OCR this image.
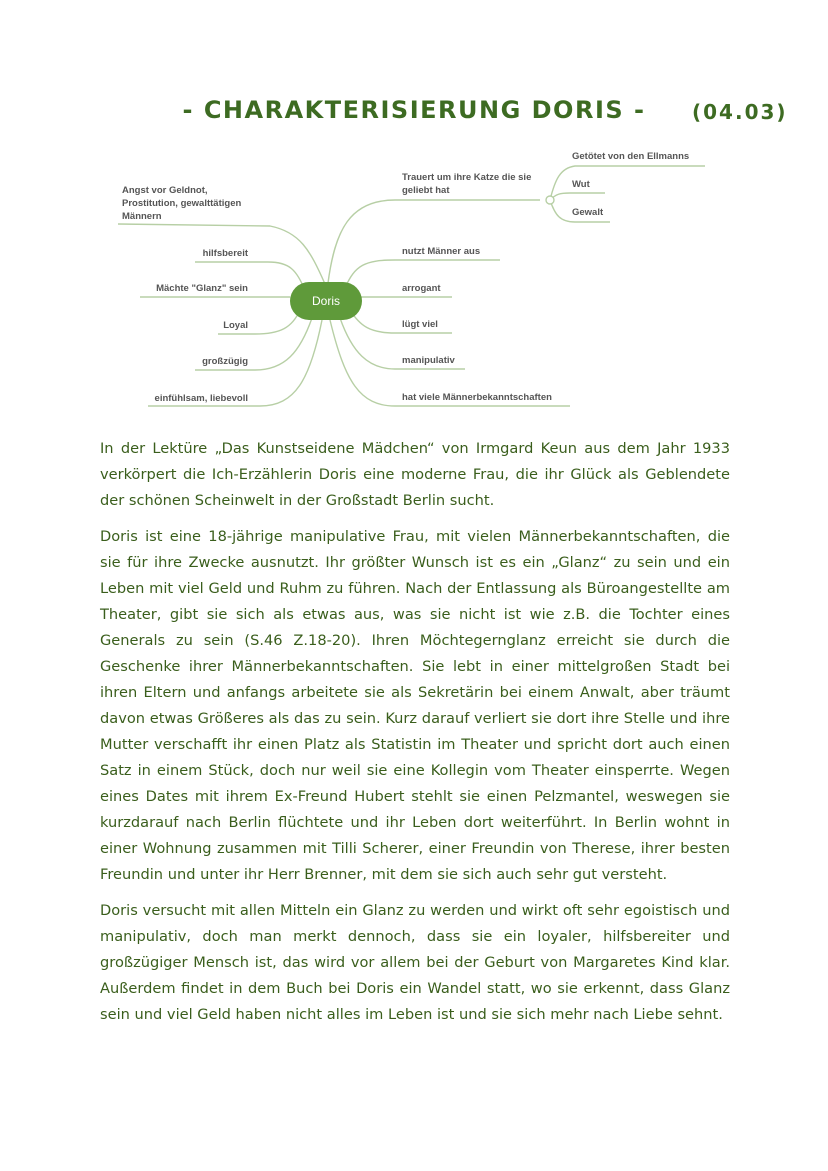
- CHARAKTERISIERUNG DORIS -	(04.03)
Doris
Angst vor Geldnot,
Prostitution, gewalttätigen
Männern
hilfsbereit
Mächte "Glanz" sein
Loyal
großzügig
einfühlsam, liebevoll
Trauert um ihre Katze die sie
geliebt hat
nutzt Männer aus
arrogant
lügt viel
manipulativ
hat viele Männerbekanntschaften
Getötet von den Ellmanns
Wut
Gewalt

In der Lektüre „Das Kunstseidene Mädchen“ von Irmgard Keun aus dem Jahr 1933 verkörpert die Ich-Erzählerin Doris eine moderne Frau, die ihr Glück als Geblendete der schönen Scheinwelt in der Großstadt Berlin sucht.

Doris ist eine 18-jährige manipulative Frau, mit vielen Männerbekanntschaften, die sie für ihre Zwecke ausnutzt. Ihr größter Wunsch ist es ein „Glanz“ zu sein und ein Leben mit viel Geld und Ruhm zu führen. Nach der Entlassung als Büroangestellte am Theater, gibt sie sich als etwas aus, was sie nicht ist wie z.B. die Tochter eines Generals zu sein (S.46 Z.18-20). Ihren Möchtegernglanz erreicht sie durch die Geschenke ihrer Männerbekanntschaften. Sie lebt in einer mittelgroßen Stadt bei ihren Eltern und anfangs arbeitete sie als Sekretärin bei einem Anwalt, aber träumt davon etwas Größeres als das zu sein. Kurz darauf verliert sie dort ihre Stelle und ihre Mutter verschafft ihr einen Platz als Statistin im Theater und spricht dort auch einen Satz in einem Stück, doch nur weil sie eine Kollegin vom Theater einsperrte. Wegen eines Dates mit ihrem Ex-Freund Hubert stehlt sie einen Pelzmantel, weswegen sie kurzdarauf nach Berlin flüchtete und ihr Leben dort weiterführt. In Berlin wohnt in einer Wohnung zusammen mit Tilli Scherer, einer Freundin von Therese, ihrer besten Freundin und unter ihr Herr Brenner, mit dem sie sich auch sehr gut versteht.

Doris versucht mit allen Mitteln ein Glanz zu werden und wirkt oft sehr egoistisch und manipulativ, doch man merkt dennoch, dass sie ein loyaler, hilfsbereiter und großzügiger Mensch ist, das wird vor allem bei der Geburt von Margaretes Kind klar. Außerdem findet in dem Buch bei Doris ein Wandel statt, wo sie erkennt, dass Glanz sein und viel Geld haben nicht alles im Leben ist und sie sich mehr nach Liebe sehnt.
